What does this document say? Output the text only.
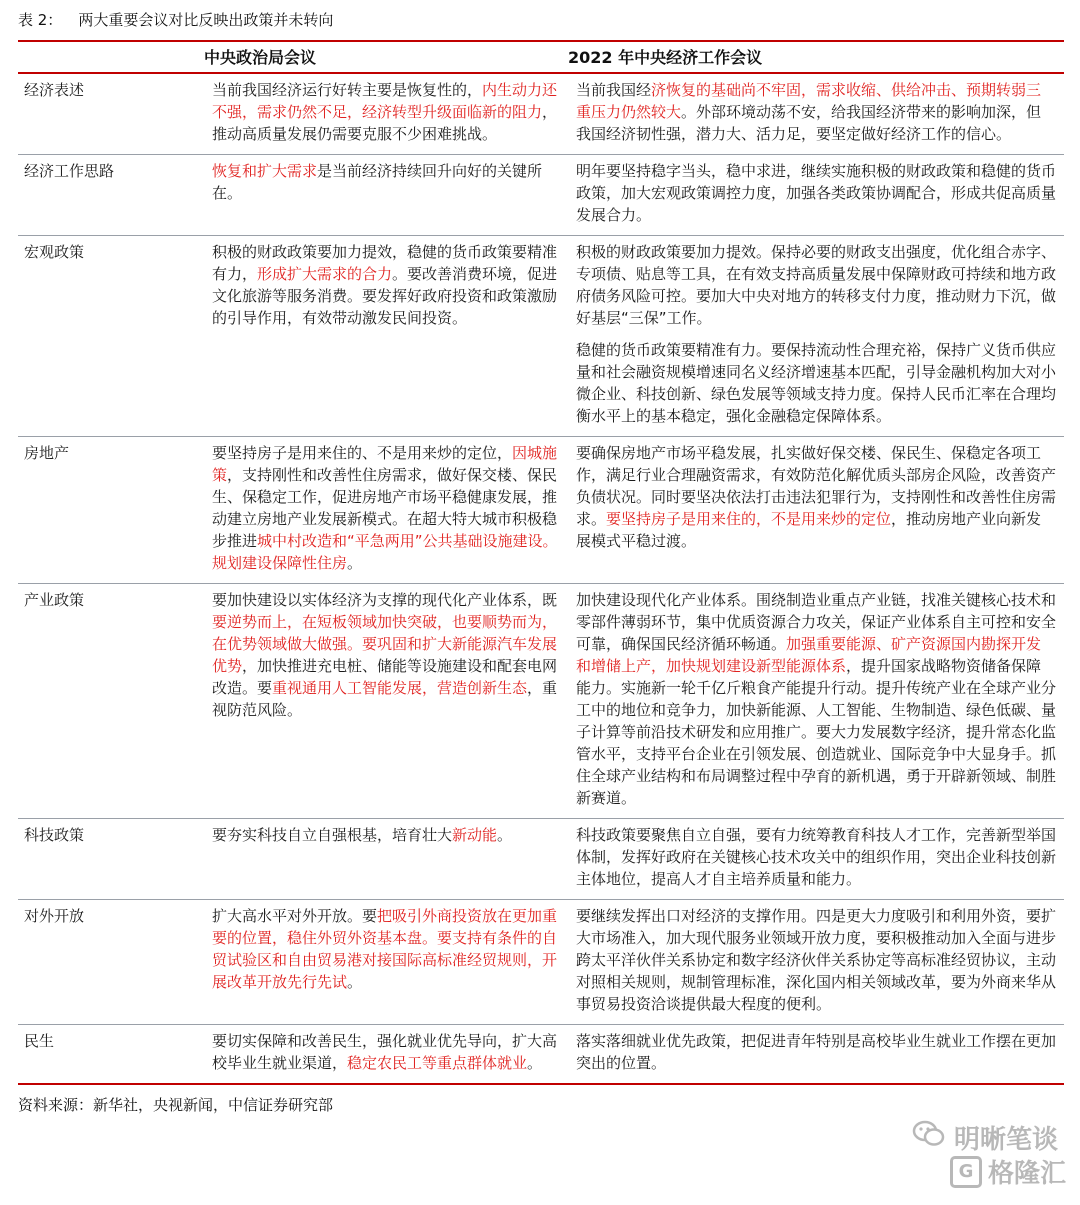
表 2： 两大重要会议对比反映出政策并未转向
	中央政治局会议	2022 年中央经济工作会议
经济表述	当前我国经济运行好转主要是恢复性的，内生动力还不强，需求仍然不足，经济转型升级面临新的阻力，推动高质量发展仍需要克服不少困难挑战。	当前我国经济恢复的基础尚不牢固，需求收缩、供给冲击、预期转弱三重压力仍然较大。外部环境动荡不安，给我国经济带来的影响加深，但我国经济韧性强，潜力大、活力足，要坚定做好经济工作的信心。
经济工作思路	恢复和扩大需求是当前经济持续回升向好的关键所在。	明年要坚持稳字当头，稳中求进，继续实施积极的财政政策和稳健的货币政策，加大宏观政策调控力度，加强各类政策协调配合，形成共促高质量发展合力。
宏观政策	积极的财政政策要加力提效，稳健的货币政策要精准有力，形成扩大需求的合力。要改善消费环境，促进文化旅游等服务消费。要发挥好政府投资和政策激励的引导作用，有效带动激发民间投资。	积极的财政政策要加力提效。保持必要的财政支出强度，优化组合赤字、专项债、贴息等工具，在有效支持高质量发展中保障财政可持续和地方政府债务风险可控。要加大中央对地方的转移支付力度，推动财力下沉，做好基层“三保”工作。
稳健的货币政策要精准有力。要保持流动性合理充裕，保持广义货币供应量和社会融资规模增速同名义经济增速基本匹配，引导金融机构加大对小微企业、科技创新、绿色发展等领域支持力度。保持人民币汇率在合理均衡水平上的基本稳定，强化金融稳定保障体系。

房地产	要坚持房子是用来住的、不是用来炒的定位，因城施策，支持刚性和改善性住房需求，做好保交楼、保民生、保稳定工作，促进房地产市场平稳健康发展，推动建立房地产业发展新模式。在超大特大城市积极稳步推进城中村改造和“平急两用”公共基础设施建设。规划建设保障性住房。	要确保房地产市场平稳发展，扎实做好保交楼、保民生、保稳定各项工作，满足行业合理融资需求，有效防范化解优质头部房企风险，改善资产负债状况。同时要坚决依法打击违法犯罪行为，支持刚性和改善性住房需求。要坚持房子是用来住的，不是用来炒的定位，推动房地产业向新发展模式平稳过渡。
产业政策	要加快建设以实体经济为支撑的现代化产业体系，既要逆势而上，在短板领域加快突破，也要顺势而为，在优势领域做大做强。要巩固和扩大新能源汽车发展优势，加快推进充电桩、储能等设施建设和配套电网改造。要重视通用人工智能发展，营造创新生态，重视防范风险。	加快建设现代化产业体系。围绕制造业重点产业链，找准关键核心技术和零部件薄弱环节，集中优质资源合力攻关，保证产业体系自主可控和安全可靠，确保国民经济循环畅通。加强重要能源、矿产资源国内勘探开发和增储上产，加快规划建设新型能源体系，提升国家战略物资储备保障能力。实施新一轮千亿斤粮食产能提升行动。提升传统产业在全球产业分工中的地位和竞争力，加快新能源、人工智能、生物制造、绿色低碳、量子计算等前沿技术研发和应用推广。要大力发展数字经济，提升常态化监管水平，支持平台企业在引领发展、创造就业、国际竞争中大显身手。抓住全球产业结构和布局调整过程中孕育的新机遇，勇于开辟新领域、制胜新赛道。
科技政策	要夯实科技自立自强根基，培育壮大新动能。	科技政策要聚焦自立自强，要有力统筹教育科技人才工作，完善新型举国体制，发挥好政府在关键核心技术攻关中的组织作用，突出企业科技创新主体地位，提高人才自主培养质量和能力。
对外开放	扩大高水平对外开放。要把吸引外商投资放在更加重要的位置，稳住外贸外资基本盘。要支持有条件的自贸试验区和自由贸易港对接国际高标准经贸规则，开展改革开放先行先试。	要继续发挥出口对经济的支撑作用。四是更大力度吸引和利用外资，要扩大市场准入，加大现代服务业领域开放力度，要积极推动加入全面与进步跨太平洋伙伴关系协定和数字经济伙伴关系协定等高标准经贸协议，主动对照相关规则，规制管理标准，深化国内相关领域改革，要为外商来华从事贸易投资洽谈提供最大程度的便利。
民生	要切实保障和改善民生，强化就业优先导向，扩大高校毕业生就业渠道，稳定农民工等重点群体就业。	落实落细就业优先政策，把促进青年特别是高校毕业生就业工作摆在更加突出的位置。
资料来源：新华社，央视新闻，中信证券研究部
明晰笔谈
G 格隆汇
